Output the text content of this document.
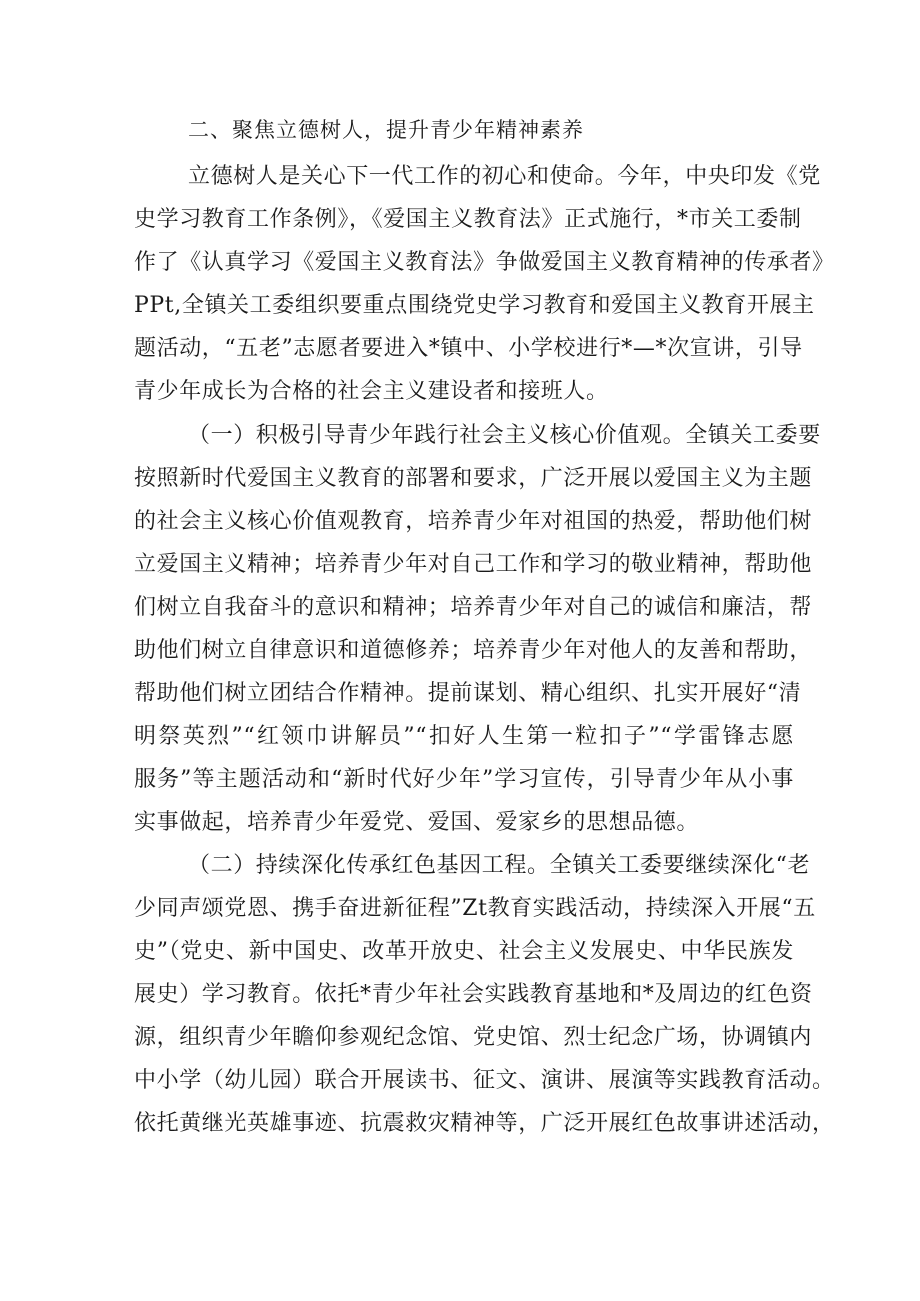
二、聚焦立德树人，提升青少年精神素养
立德树人是关心下一代工作的初心和使命。今年，中央印发《党
史学习教育工作条例》，《爱国主义教育法》正式施行，*市关工委制
作了《认真学习《爱国主义教育法》争做爱国主义教育精神的传承者》
PPt,全镇关工委组织要重点围绕党史学习教育和爱国主义教育开展主
题活动，“五老”志愿者要进入*镇中、小学校进行*—*次宣讲，引导
青少年成长为合格的社会主义建设者和接班人。
（一）积极引导青少年践行社会主义核心价值观。全镇关工委要
按照新时代爱国主义教育的部署和要求，广泛开展以爱国主义为主题
的社会主义核心价值观教育，培养青少年对祖国的热爱，帮助他们树
立爱国主义精神；培养青少年对自己工作和学习的敬业精神，帮助他
们树立自我奋斗的意识和精神；培养青少年对自己的诚信和廉洁，帮
助他们树立自律意识和道德修养；培养青少年对他人的友善和帮助，
帮助他们树立团结合作精神。提前谋划、精心组织、扎实开展好“清
明祭英烈”“红领巾讲解员”“扣好人生第一粒扣子”“学雷锋志愿
服务”等主题活动和“新时代好少年”学习宣传，引导青少年从小事
实事做起，培养青少年爱党、爱国、爱家乡的思想品德。
（二）持续深化传承红色基因工程。全镇关工委要继续深化“老
少同声颂党恩、携手奋进新征程”Zt教育实践活动，持续深入开展“五
史”（党史、新中国史、改革开放史、社会主义发展史、中华民族发
展史）学习教育。依托*青少年社会实践教育基地和*及周边的红色资
源，组织青少年瞻仰参观纪念馆、党史馆、烈士纪念广场，协调镇内
中小学（幼儿园）联合开展读书、征文、演讲、展演等实践教育活动。
依托黄继光英雄事迹、抗震救灾精神等，广泛开展红色故事讲述活动，
